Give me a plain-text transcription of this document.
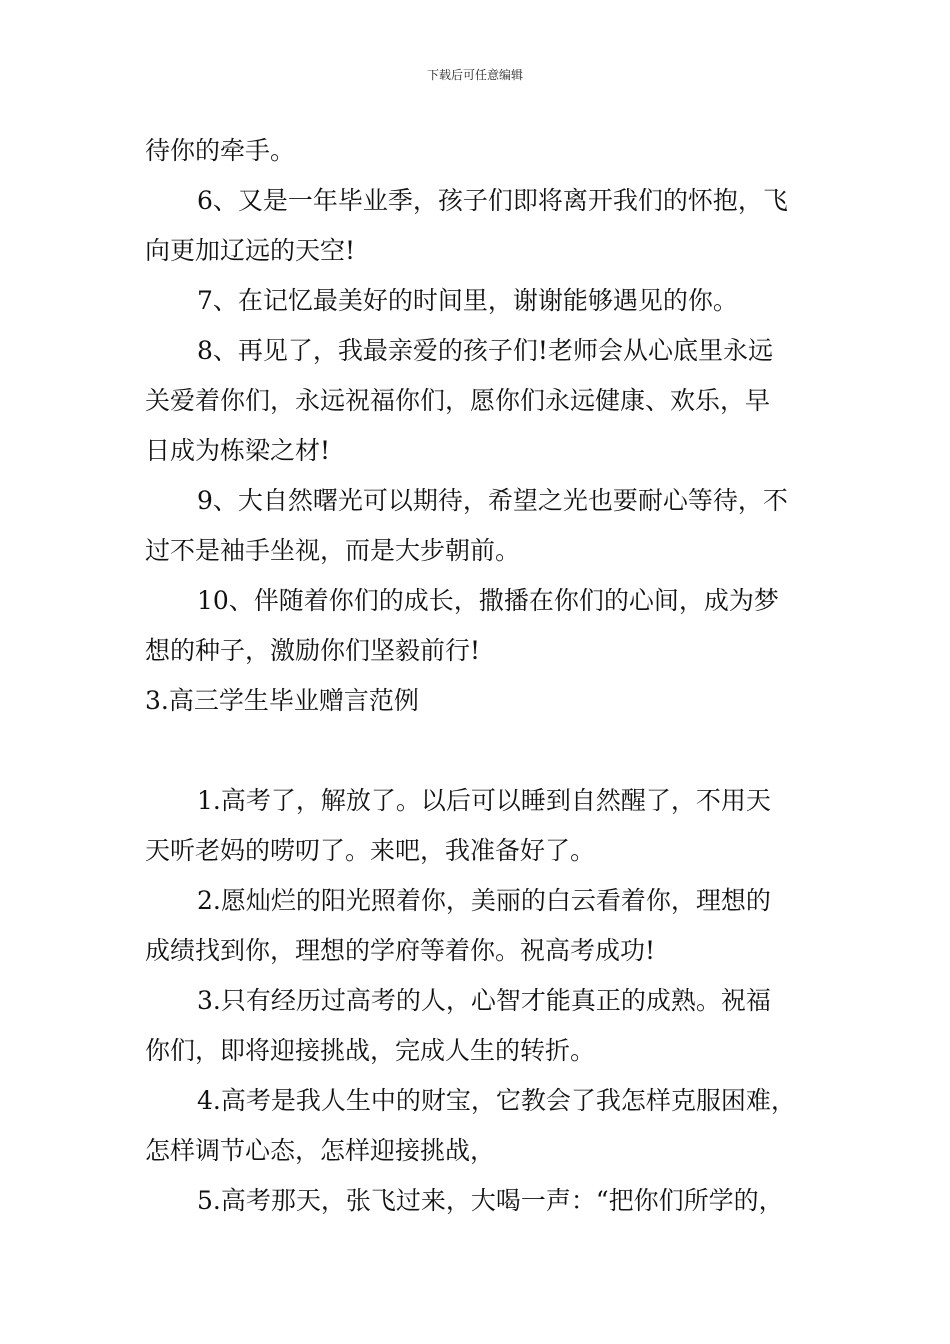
下载后可任意编辑
待你的牵手。
6、又是一年毕业季，孩子们即将离开我们的怀抱，飞
向更加辽远的天空!
7、在记忆最美好的时间里，谢谢能够遇见的你。
8、再见了，我最亲爱的孩子们!老师会从心底里永远
关爱着你们，永远祝福你们，愿你们永远健康、欢乐，早
日成为栋梁之材!
9、大自然曙光可以期待，希望之光也要耐心等待，不
过不是袖手坐视，而是大步朝前。
10、伴随着你们的成长，撒播在你们的心间，成为梦
想的种子，激励你们坚毅前行!
3.高三学生毕业赠言范例
1.高考了，解放了。以后可以睡到自然醒了，不用天
天听老妈的唠叨了。来吧，我准备好了。
2.愿灿烂的阳光照着你，美丽的白云看着你，理想的
成绩找到你，理想的学府等着你。祝高考成功!
3.只有经历过高考的人，心智才能真正的成熟。祝福
你们，即将迎接挑战，完成人生的转折。
4.高考是我人生中的财宝，它教会了我怎样克服困难，
怎样调节心态，怎样迎接挑战，
5.高考那天，张飞过来，大喝一声：“把你们所学的，
